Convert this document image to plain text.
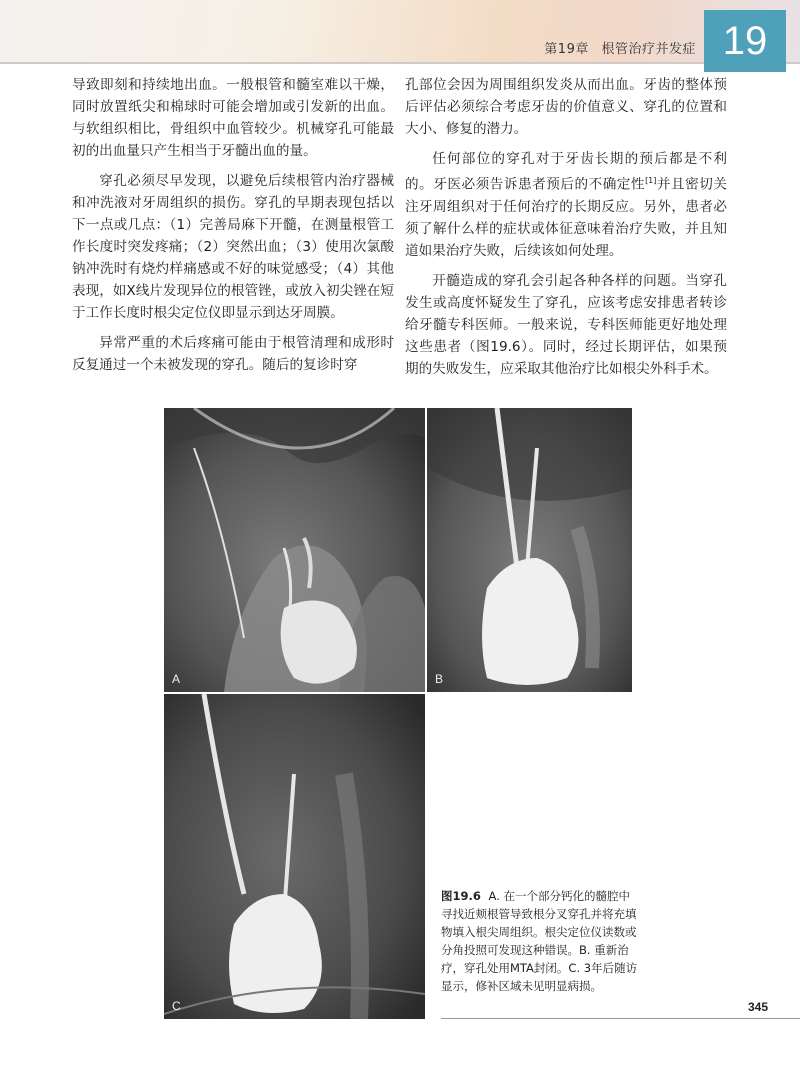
第19章 根管治疗并发症 19

导致即刻和持续地出血。一般根管和髓室难以干燥，同时放置纸尖和棉球时可能会增加或引发新的出血。与软组织相比，骨组织中血管较少。机械穿孔可能最初的出血量只产生相当于牙髓出血的量。

穿孔必须尽早发现，以避免后续根管内治疗器械和冲洗液对牙周组织的损伤。穿孔的早期表现包括以下一点或几点：（1）完善局麻下开髓，在测量根管工作长度时突发疼痛；（2）突然出血；（3）使用次氯酸钠冲洗时有烧灼样痛感或不好的味觉感受；（4）其他表现，如X线片发现异位的根管锉，或放入初尖锉在短于工作长度时根尖定位仪即显示到达牙周膜。

异常严重的术后疼痛可能由于根管清理和成形时反复通过一个未被发现的穿孔。随后的复诊时穿

孔部位会因为周围组织发炎从而出血。牙齿的整体预后评估必须综合考虑牙齿的价值意义、穿孔的位置和大小、修复的潜力。

任何部位的穿孔对于牙齿长期的预后都是不利的。牙医必须告诉患者预后的不确定性[1]并且密切关注牙周组织对于任何治疗的长期反应。另外，患者必须了解什么样的症状或体征意味着治疗失败，并且知道如果治疗失败，后续该如何处理。

开髓造成的穿孔会引起各种各样的问题。当穿孔发生或高度怀疑发生了穿孔，应该考虑安排患者转诊给牙髓专科医师。一般来说，专科医师能更好地处理这些患者（图19.6）。同时，经过长期评估，如果预期的失败发生，应采取其他治疗比如根尖外科手术。

A	B
C
图19.6 A. 在一个部分钙化的髓腔中寻找近颊根管导致根分叉穿孔并将充填物填入根尖周组织。根尖定位仪读数或分角投照可发现这种错误。B. 重新治疗，穿孔处用MTA封闭。C. 3年后随访显示，修补区域未见明显病损。
345
